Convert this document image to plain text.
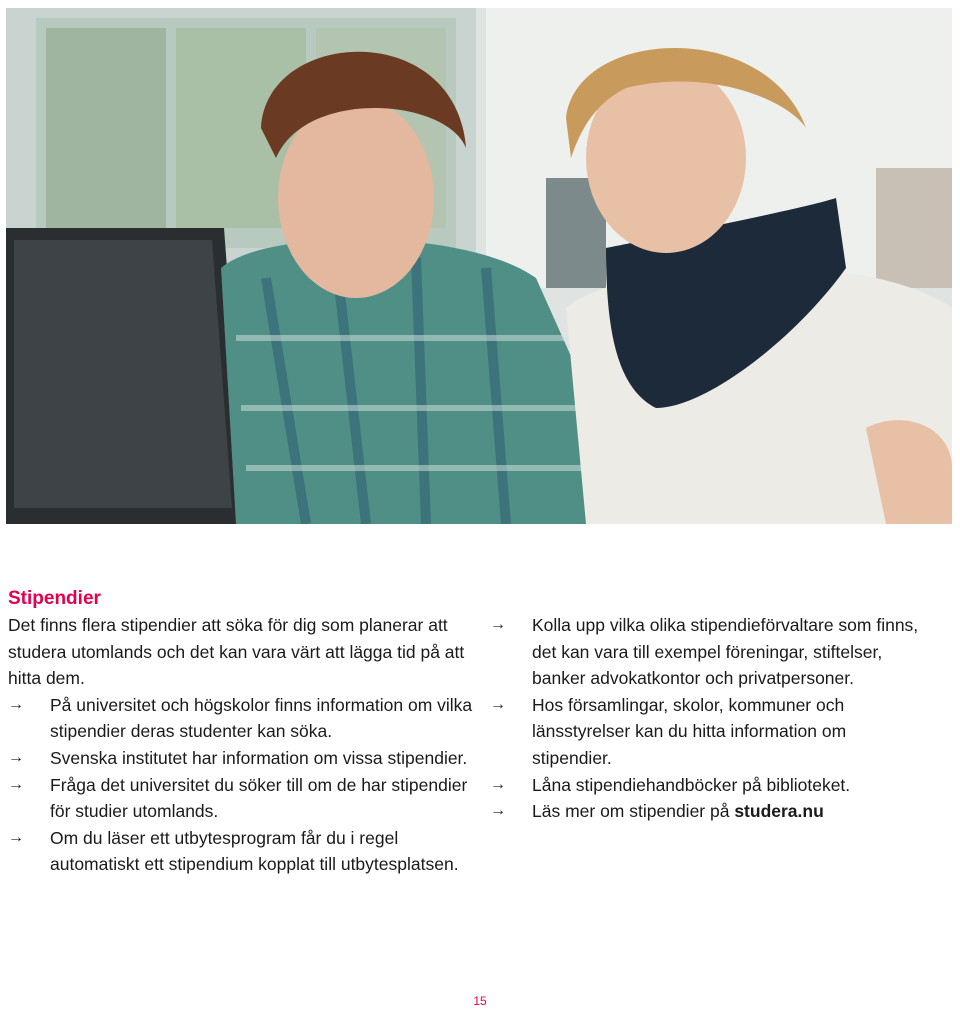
Stipendier

Det finns flera stipendier att söka för dig som planerar att studera utomlands och det kan vara värt att lägga tid på att hitta dem.

→	På universitet och högskolor finns information om vilka stipendier deras studenter kan söka.
→	Svenska institutet har information om vissa stipendier.
→	Fråga det universitet du söker till om de har stipendier för studier utomlands.
→	Om du läser ett utbytesprogram får du i regel automatiskt ett stipendium kopplat till utbytesplatsen.
→	Kolla upp vilka olika stipendieförvaltare som finns, det kan vara till exempel föreningar, stiftelser, banker advokatkontor och privatpersoner.
→	Hos församlingar, skolor, kommuner och länsstyrelser kan du hitta information om stipendier.
→	Låna stipendiehandböcker på biblioteket.
→	Läs mer om stipendier på studera.nu
15
